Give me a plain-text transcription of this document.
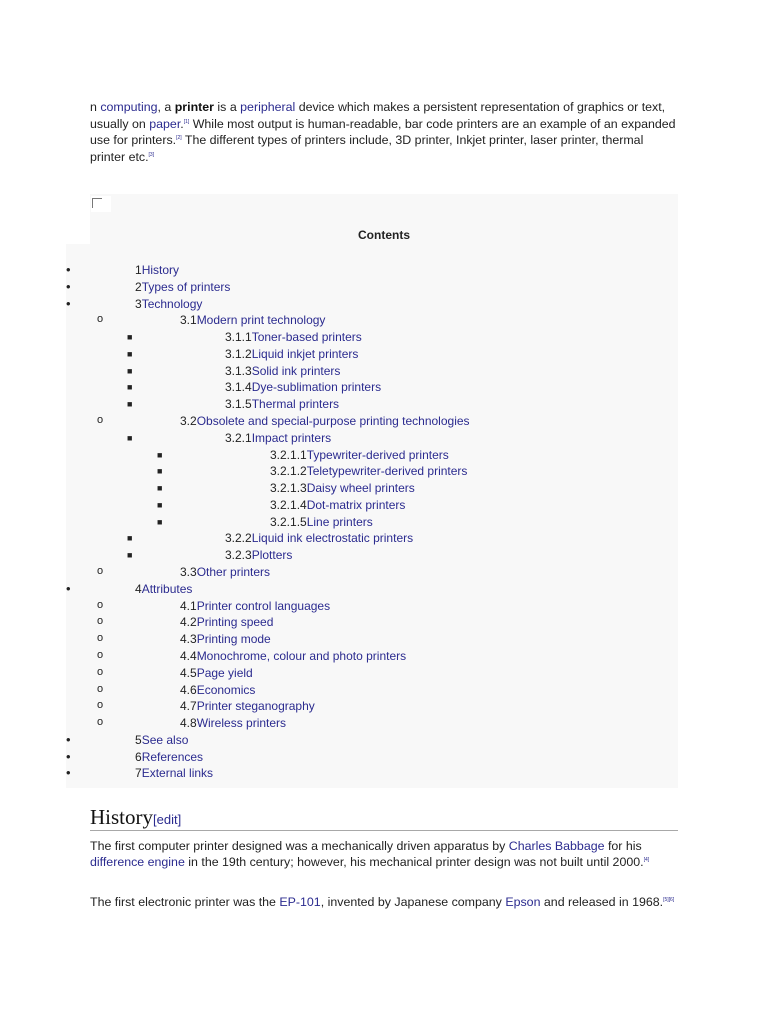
n computing, a printer is a peripheral device which makes a persistent representation of graphics or text, usually on paper.[1] While most output is human-readable, bar code printers are an example of an expanded use for printers.[2] The different types of printers include, 3D printer, Inkjet printer, laser printer, thermal printer etc.[3]
Contents
•	1History
•	2Types of printers
•	3Technology
o	3.1Modern print technology
■	3.1.1Toner-based printers
■	3.1.2Liquid inkjet printers
■	3.1.3Solid ink printers
■	3.1.4Dye-sublimation printers
■	3.1.5Thermal printers
o	3.2Obsolete and special-purpose printing technologies
■	3.2.1Impact printers
■	3.2.1.1Typewriter-derived printers
■	3.2.1.2Teletypewriter-derived printers
■	3.2.1.3Daisy wheel printers
■	3.2.1.4Dot-matrix printers
■	3.2.1.5Line printers
■	3.2.2Liquid ink electrostatic printers
■	3.2.3Plotters
o	3.3Other printers
•	4Attributes
o	4.1Printer control languages
o	4.2Printing speed
o	4.3Printing mode
o	4.4Monochrome, colour and photo printers
o	4.5Page yield
o	4.6Economics
o	4.7Printer steganography
o	4.8Wireless printers
•	5See also
•	6References
•	7External links
History[edit]
The first computer printer designed was a mechanically driven apparatus by Charles Babbage for his difference engine in the 19th century; however, his mechanical printer design was not built until 2000.[4]
The first electronic printer was the EP-101, invented by Japanese company Epson and released in 1968.[5][6]
